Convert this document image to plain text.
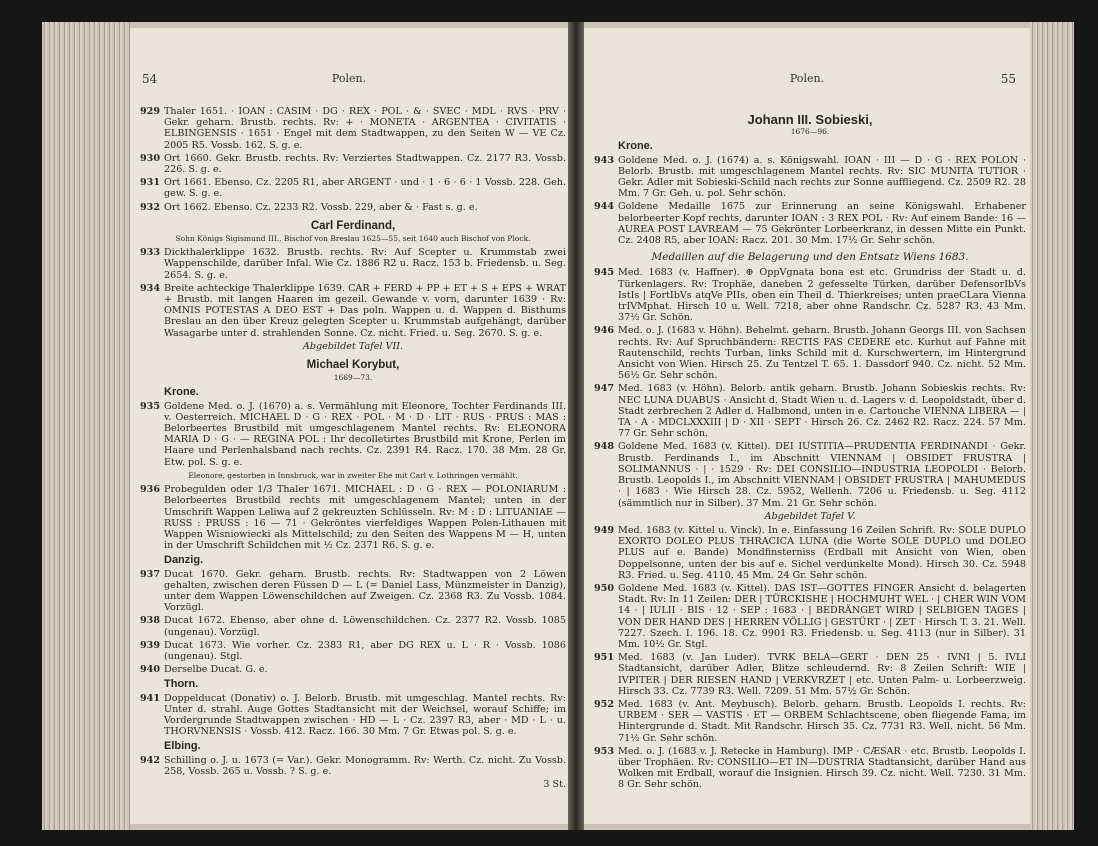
54	Polen.
929 Thaler 1651. · IOAN : CASIM · DG · REX · POL · & · SVEC · MDL · RVS · PRV · Gekr. geharn. Brustb. rechts. Rv: + · MONETA · ARGENTEA · CIVITATIS · ELBINGENSIS · 1651 · Engel mit dem Stadtwappen, zu den Seiten W — VE Cz. 2005 R5. Vossb. 162. S. g. e.
930 Ort 1660. Gekr. Brustb. rechts. Rv: Verziertes Stadtwappen. Cz. 2177 R3. Vossb. 226. S. g. e.
931 Ort 1661. Ebenso. Cz. 2205 R1, aber ARGENT · und · 1 · 6 · 6 · 1 Vossb. 228. Geh. gew. S. g. e.
932 Ort 1662. Ebenso. Cz. 2233 R2. Vossb. 229, aber & · Fast s. g. e.
Carl Ferdinand,
Sohn Königs Sigismund III., Bischof von Breslau 1625—55, seit 1640 auch Bischof von Plock.
933 Dickthalerklippe 1632. Brustb. rechts. Rv: Auf Scepter u. Krummstab zwei Wappenschilde, darüber Infal. Wie Cz. 1886 R2 u. Racz. 153 b. Friedensb. u. Seg. 2654. S. g. e.
934 Breite achteckige Thalerklippe 1639. CAR + FERD + PP + ET + S + EPS + WRAT + Brustb. mit langen Haaren im gezeil. Gewande v. vorn, darunter 1639 · Rv: OMNIS POTESTAS A DEO EST + Das poln. Wappen u. d. Wappen d. Bisthums Breslau an den über Kreuz gelegten Scepter u. Krummstab aufgehängt, darüber Wasagarbe unter d. strahlenden Sonne. Cz. nicht. Fried. u. Seg. 2670. S. g. e.
Abgebildet Tafel VII.
Michael Korybut,
1669—73.
Krone.
935 Goldene Med. o. J. (1670) a. s. Vermählung mit Eleonore, Tochter Ferdinands III. v. Oesterreich. MICHAEL D · G · REX · POL · M · D · LIT · RUS · PRUS : MAS : Belorbeertes Brustbild mit umgeschlagenem Mantel rechts. Rv: ELEONORA MARIA D · G · — REGINA POL : Ihr decolletirtes Brustbild mit Krone, Perlen im Haare und Perlenhalsband nach rechts. Cz. 2391 R4. Racz. 170. 38 Mm. 28 Gr. Etw. pol. S. g. e.
Eleonore, gestorben in Innsbruck, war in zweiter Ehe mit Carl v. Lothringen vermählt.
936 Probegulden oder 1/3 Thaler 1671. MICHAEL : D · G · REX — POLONIARUM : Belorbeertes Brustbild rechts mit umgeschlagenem Mantel; unten in der Umschrift Wappen Leliwa auf 2 gekreuzten Schlüsseln. Rv: M : D : LITUANIAE — RUSS : PRUSS : 16 — 71 · Gekröntes vierfeldiges Wappen Polen-Lithauen mit Wappen Wisniowiecki als Mittelschild; zu den Seiten des Wappens M — H, unten in der Umschrift Schildchen mit ½ Cz. 2371 R6. S. g. e.
Danzig.
937 Ducat 1670. Gekr. geharn. Brustb. rechts. Rv: Stadtwappen von 2 Löwen gehalten, zwischen deren Füssen D — L (= Daniel Lass, Münzmeister in Danzig), unter dem Wappen Löwenschildchen auf Zweigen. Cz. 2368 R3. Zu Vossb. 1084. Vorzügl.
938 Ducat 1672. Ebenso, aber ohne d. Löwenschildchen. Cz. 2377 R2. Vossb. 1085 (ungenau). Vorzügl.
939 Ducat 1673. Wie vorher. Cz. 2383 R1, aber DG REX u. L · R · Vossb. 1086 (ungenau). Stgl.
940 Derselbe Ducat. G. e.
Thorn.
941 Doppelducat (Donativ) o. J. Belorb. Brustb. mit umgeschlag. Mantel rechts. Rv: Unter d. strahl. Auge Gottes Stadtansicht mit der Weichsel, worauf Schiffe; im Vordergrunde Stadtwappen zwischen · HD — L · Cz. 2397 R3, aber · MD · L · u. THORVNENSIS · Vossb. 412. Racz. 166. 30 Mm. 7 Gr. Etwas pol. S. g. e.
Elbing.
942 Schilling o. J. u. 1673 (= Var.). Gekr. Monogramm. Rv: Werth. Cz. nicht. Zu Vossb. 258, Vossb. 265 u. Vossb. ? S. g. e.
3 St.
Polen.	55
Johann III. Sobieski,
1676—96.
Krone.
943 Goldene Med. o. J. (1674) a. s. Königswahl. IOAN · III — D · G · REX POLON · Belorb. Brustb. mit umgeschlagenem Mantel rechts. Rv: SIC MUNITA TUTIOR · Gekr. Adler mit Sobieski-Schild nach rechts zur Sonne auffliegend. Cz. 2509 R2. 28 Mm. 7 Gr. Geh. u. pol. Sehr schön.
944 Goldene Medaille 1675 zur Erinnerung an seine Königswahl. Erhabener belorbeerter Kopf rechts, darunter IOAN : 3 REX POL · Rv: Auf einem Bande: 16 — AUREA POST LAVREAM — 75 Gekrönter Lorbeerkranz, in dessen Mitte ein Punkt. Cz. 2408 R5, aber IOAN: Racz. 201. 30 Mm. 17½ Gr. Sehr schön.
Medaillen auf die Belagerung und den Entsatz Wiens 1683.
945 Med. 1683 (v. Haffner). ⊕ OppVgnata bona est etc. Grundriss der Stadt u. d. Türkenlagers. Rv: Trophäe, daneben 2 gefesselte Türken, darüber DefensorIbVs IstIs | FortIbVs atqVe PIIs, oben ein Theil d. Thierkreises; unten praeCLara Vienna trIVMphat. Hirsch 10 u. Well. 7218, aber ohne Randschr. Cz. 5287 R3. 43 Mm. 37½ Gr. Schön.
946 Med. o. J. (1683 v. Höhn). Behelmt. geharn. Brustb. Johann Georgs III. von Sachsen rechts. Rv: Auf Spruchbändern: RECTIS FAS CEDERE etc. Kurhut auf Fahne mit Rautenschild, rechts Turban, links Schild mit d. Kurschwertern, im Hintergrund Ansicht von Wien. Hirsch 25. Zu Tentzel T. 65. 1. Dassdorf 940. Cz. nicht. 52 Mm. 56½ Gr. Sehr schön.
947 Med. 1683 (v. Höhn). Belorb. antik geharn. Brustb. Johann Sobieskis rechts. Rv: NEC LUNA DUABUS · Ansicht d. Stadt Wien u. d. Lagers v. d. Leopoldstadt, über d. Stadt zerbrechen 2 Adler d. Halbmond, unten in e. Cartouche VIENNA LIBERA — | TA · A · MDCLXXXIII | D · XII · SEPT · Hirsch 26. Cz. 2462 R2. Racz. 224. 57 Mm. 77 Gr. Sehr schön.
948 Goldene Med. 1683 (v. Kittel). DEI IUSTITIA—PRUDENTIA FERDINANDI · Gekr. Brustb. Ferdinands I., im Abschnitt VIENNAM | OBSIDET FRUSTRA | SOLIMANNUS · | · 1529 · Rv: DEI CONSILIO—INDUSTRIA LEOPOLDI · Belorb. Brustb. Leopolds I., im Abschnitt VIENNAM | OBSIDET FRUSTRA | MAHUMEDUS · | 1683 · Wie Hirsch 28. Cz. 5952, Wellenh. 7206 u. Friedensb. u. Seg. 4112 (sämmtlich nur in Silber). 37 Mm. 21 Gr. Sehr schön.
Abgebildet Tafel V.
949 Med. 1683 (v. Kittel u. Vinck). In e. Einfassung 16 Zeilen Schrift. Rv: SOLE DUPLO EXORTO DOLEO PLUS THRACICA LUNA (die Worte SOLE DUPLO und DOLEO PLUS auf e. Bande) Mondfinsterniss (Erdball mit Ansicht von Wien, oben Doppelsonne, unten der bis auf e. Sichel verdunkelte Mond). Hirsch 30. Cz. 5948 R3. Fried. u. Seg. 4110. 45 Mm. 24 Gr. Sehr schön.
950 Goldene Med. 1683 (v. Kittel). DAS IST—GOTTES FINGER Ansicht d. belagerten Stadt. Rv: In 11 Zeilen: DER | TÜRCKISHE | HOCHMUHT WEL · | CHER WIN VOM 14 · | IULII · BIS · 12 · SEP : 1683 · | BEDRÄNGET WIRD | SELBIGEN TAGES | VON DER HAND DES | HERREN VÖLLIG | GESTÜRT · | ZET · Hirsch T. 3. 21. Well. 7227. Szech. I. 196. 18. Cz. 9901 R3. Friedensb. u. Seg. 4113 (nur in Silber). 31 Mm. 10½ Gr. Stgl.
951 Med. 1683 (v. Jan Luder). TVRK BELA—GERT · DEN 25 · IVNI | 5. IVLI Stadtansicht, darüber Adler, Blitze schleudernd. Rv: 8 Zeilen Schrift: WIE | IVPITER | DER RIESEN HAND | VERKVRZET | etc. Unten Palm- u. Lorbeerzweig. Hirsch 33. Cz. 7739 R3. Well. 7209. 51 Mm. 57½ Gr. Schön.
952 Med. 1683 (v. Ant. Meybusch). Belorb. geharn. Brustb. Leopolds I. rechts. Rv: URBEM · SER — VASTIS · ET — ORBEM Schlachtscene, oben fliegende Fama, im Hintergrunde d. Stadt. Mit Randschr. Hirsch 35. Cz. 7731 R3. Well. nicht. 56 Mm. 71½ Gr. Sehr schön.
953 Med. o. J. (1683 v. J. Retecke in Hamburg). IMP · CÆSAR · etc. Brustb. Leopolds I. über Trophäen. Rv: CONSILIO—ET IN—DUSTRIA Stadtansicht, darüber Hand aus Wolken mit Erdball, worauf die Insignien. Hirsch 39. Cz. nicht. Well. 7230. 31 Mm. 8 Gr. Sehr schön.
